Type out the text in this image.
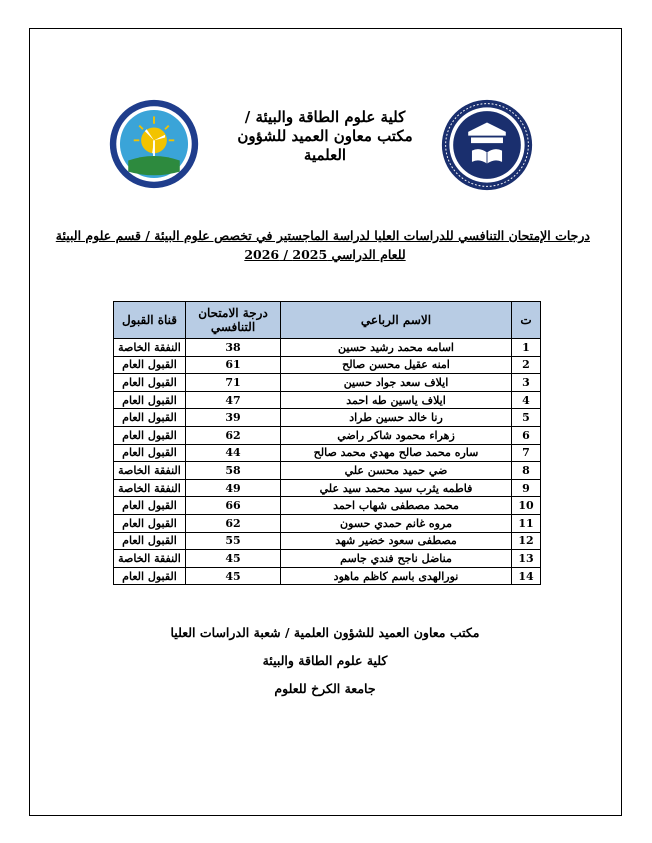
كلية علوم الطاقة والبيئة /
مكتب معاون العميد للشؤون
العلمية
درجات الإمتحان التنافسي للدراسات العليا لدراسة الماجستير في تخصص علوم البيئة / قسم علوم البيئة
للعام الدراسي 2025 / 2026
ت	الاسم الرباعي	درجة الامتحان التنافسي	قناة القبول
1	اسامه محمد رشيد حسين	38	النفقة الخاصة
2	امنه عقيل محسن صالح	61	القبول العام
3	ايلاف سعد جواد حسين	71	القبول العام
4	ايلاف ياسين طه احمد	47	القبول العام
5	رنا خالد حسين طراد	39	القبول العام
6	زهراء محمود شاكر راضي	62	القبول العام
7	ساره محمد صالح مهدي محمد صالح	44	القبول العام
8	ضي حميد محسن علي	58	النفقة الخاصة
9	فاطمه يثرب سيد محمد سيد علي	49	النفقة الخاصة
10	محمد مصطفى شهاب احمد	66	القبول العام
11	مروه غانم حمدي حسون	62	القبول العام
12	مصطفى سعود خضير شهد	55	القبول العام
13	مناضل ناجح فندي جاسم	45	النفقة الخاصة
14	نورالهدى باسم كاظم ماهود	45	القبول العام
مكتب معاون العميد للشؤون العلمية / شعبة الدراسات العليا
كلية علوم الطاقة والبيئة
جامعة الكرخ للعلوم
